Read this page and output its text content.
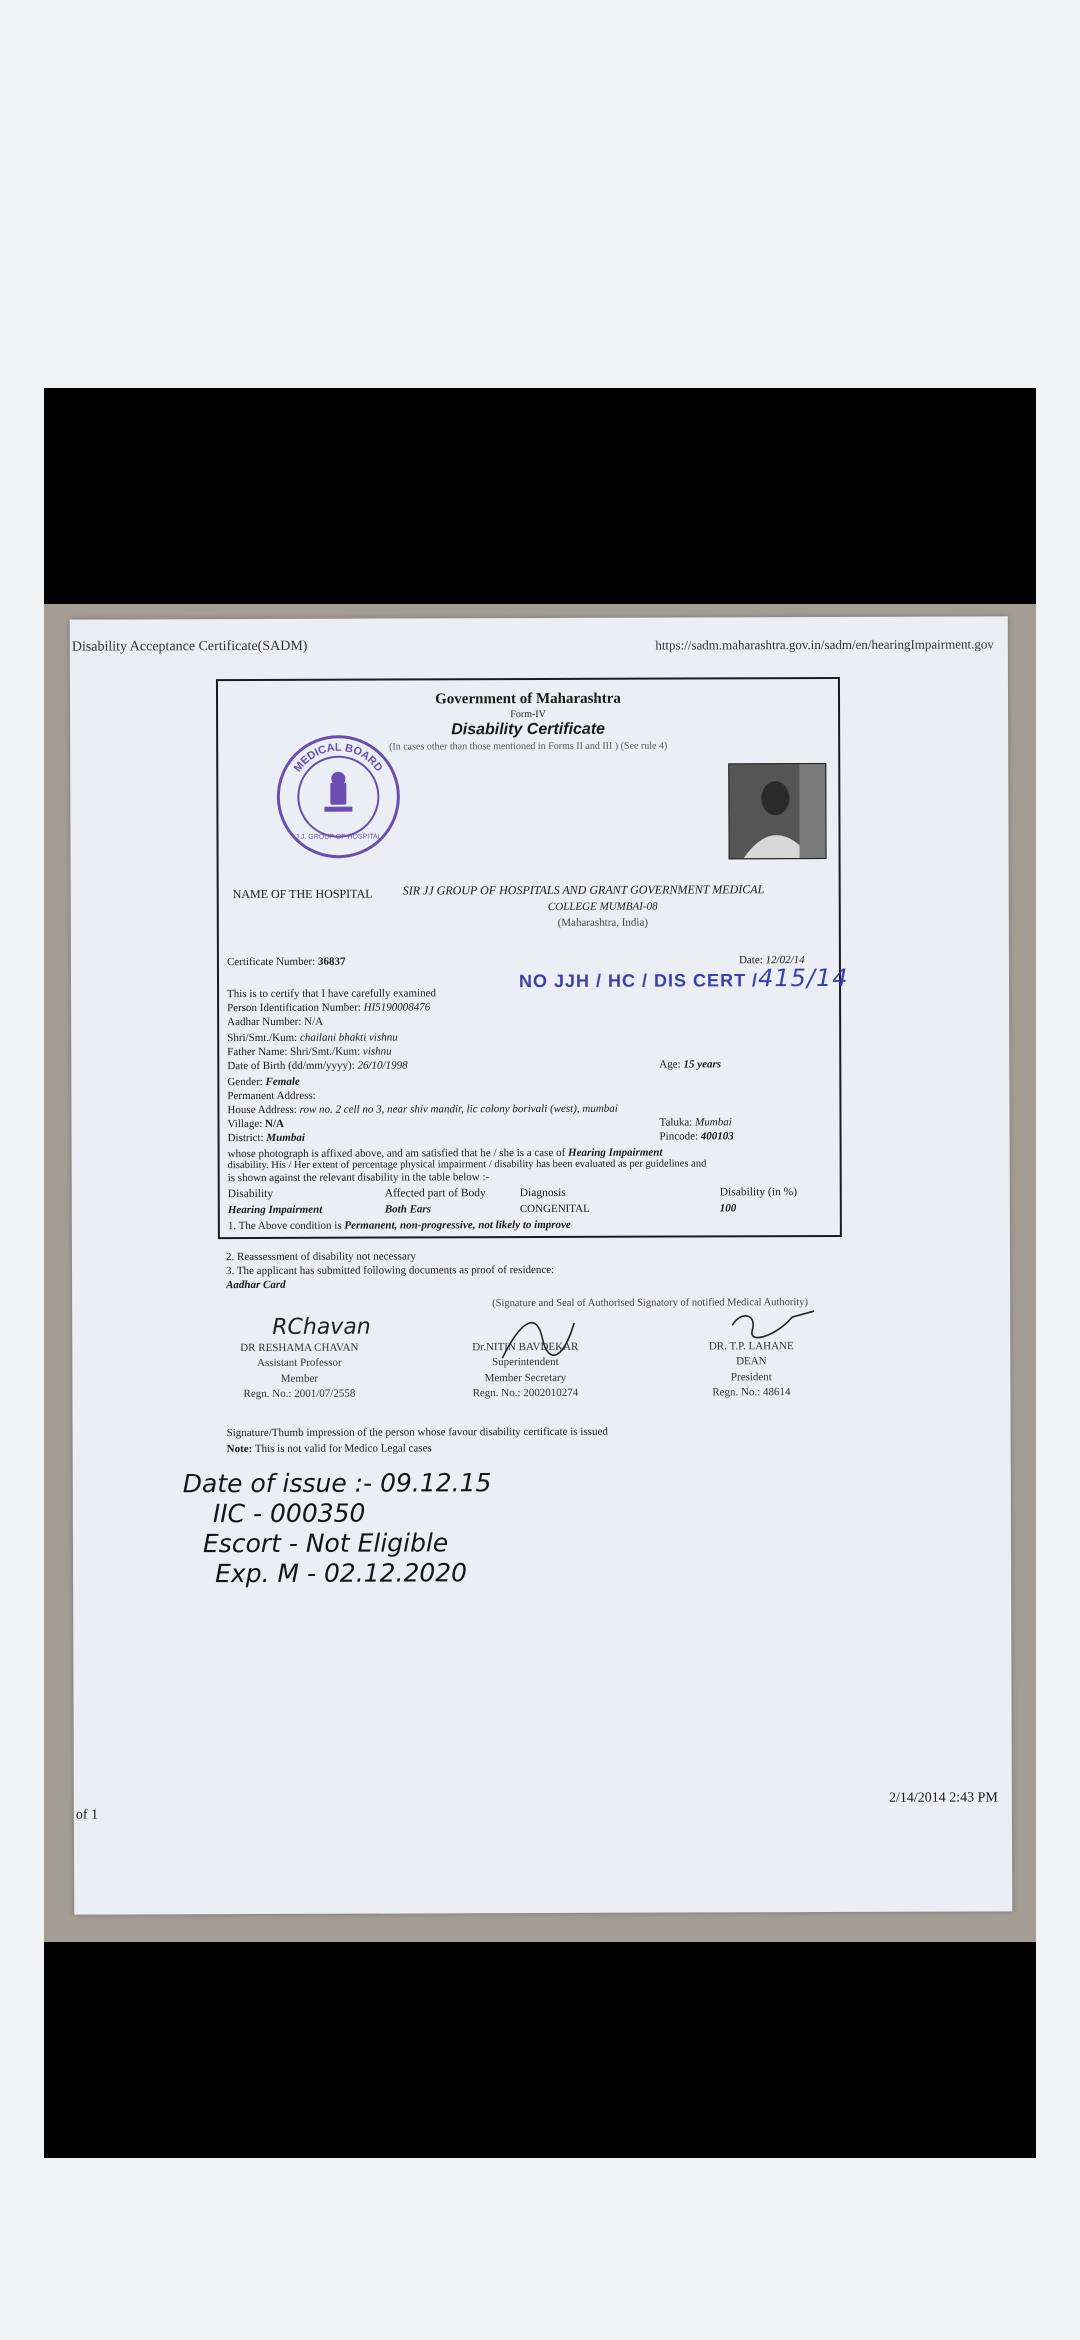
Disability Acceptance Certificate(SADM)	https://sadm.maharashtra.gov.in/sadm/en/hearingImpairment.gov
Government of Maharashtra
Form-IV
Disability Certificate
(In cases other than those mentioned in Forms II and III ) (See rule 4)
MEDICAL BOARD
J.J. GROUP OF HOSPITAL
NAME OF THE HOSPITAL	SIR JJ GROUP OF HOSPITALS AND GRANT GOVERNMENT MEDICAL
COLLEGE MUMBAI-08
(Maharashtra, India)
Certificate Number: 36837	Date: 12/02/14
NO JJH / HC / DIS CERT /415/14
This is to certify that I have carefully examined
Person Identification Number: HI5190008476
Aadhar Number: N/A
Shri/Smt./Kum: chailani bhakti vishnu
Father Name: Shri/Smt./Kum: vishnu
Date of Birth (dd/mm/yyyy): 26/10/1998	Age: 15 years
Gender: Female
Permanent Address:
House Address: row no. 2 cell no 3, near shiv mandir, lic colony borivali (west), mumbai
Village: N/A	Taluka: Mumbai
District: Mumbai	Pincode: 400103
whose photograph is affixed above, and am satisfied that he / she is a case of Hearing Impairment
disability. His / Her extent of percentage physical impairment / disability has been evaluated as per guidelines and
is shown against the relevant disability in the table below :-
Disability	Affected part of Body	Diagnosis	Disability (in %)
Hearing Impairment	Both Ears	CONGENITAL	100
1. The Above condition is Permanent, non-progressive, not likely to improve
2. Reassessment of disability not necessary
3. The applicant has submitted following documents as proof of residence:
Aadhar Card
(Signature and Seal of Authorised Signatory of notified Medical Authority)
RChavan
DR RESHAMA CHAVAN
Assistant Professor
Member
Regn. No.: 2001/07/2558
Dr.NITIN BAVDEKAR
Superintendent
Member Secretary
Regn. No.: 2002010274
DR. T.P. LAHANE
DEAN
President
Regn. No.: 48614
Signature/Thumb impression of the person whose favour disability certificate is issued
Note: This is not valid for Medico Legal cases
Date of issue :- 09.12.15
IIC - 000350
Escort - Not Eligible
Exp. M - 02.12.2020
2/14/2014 2:43 PM
of 1
